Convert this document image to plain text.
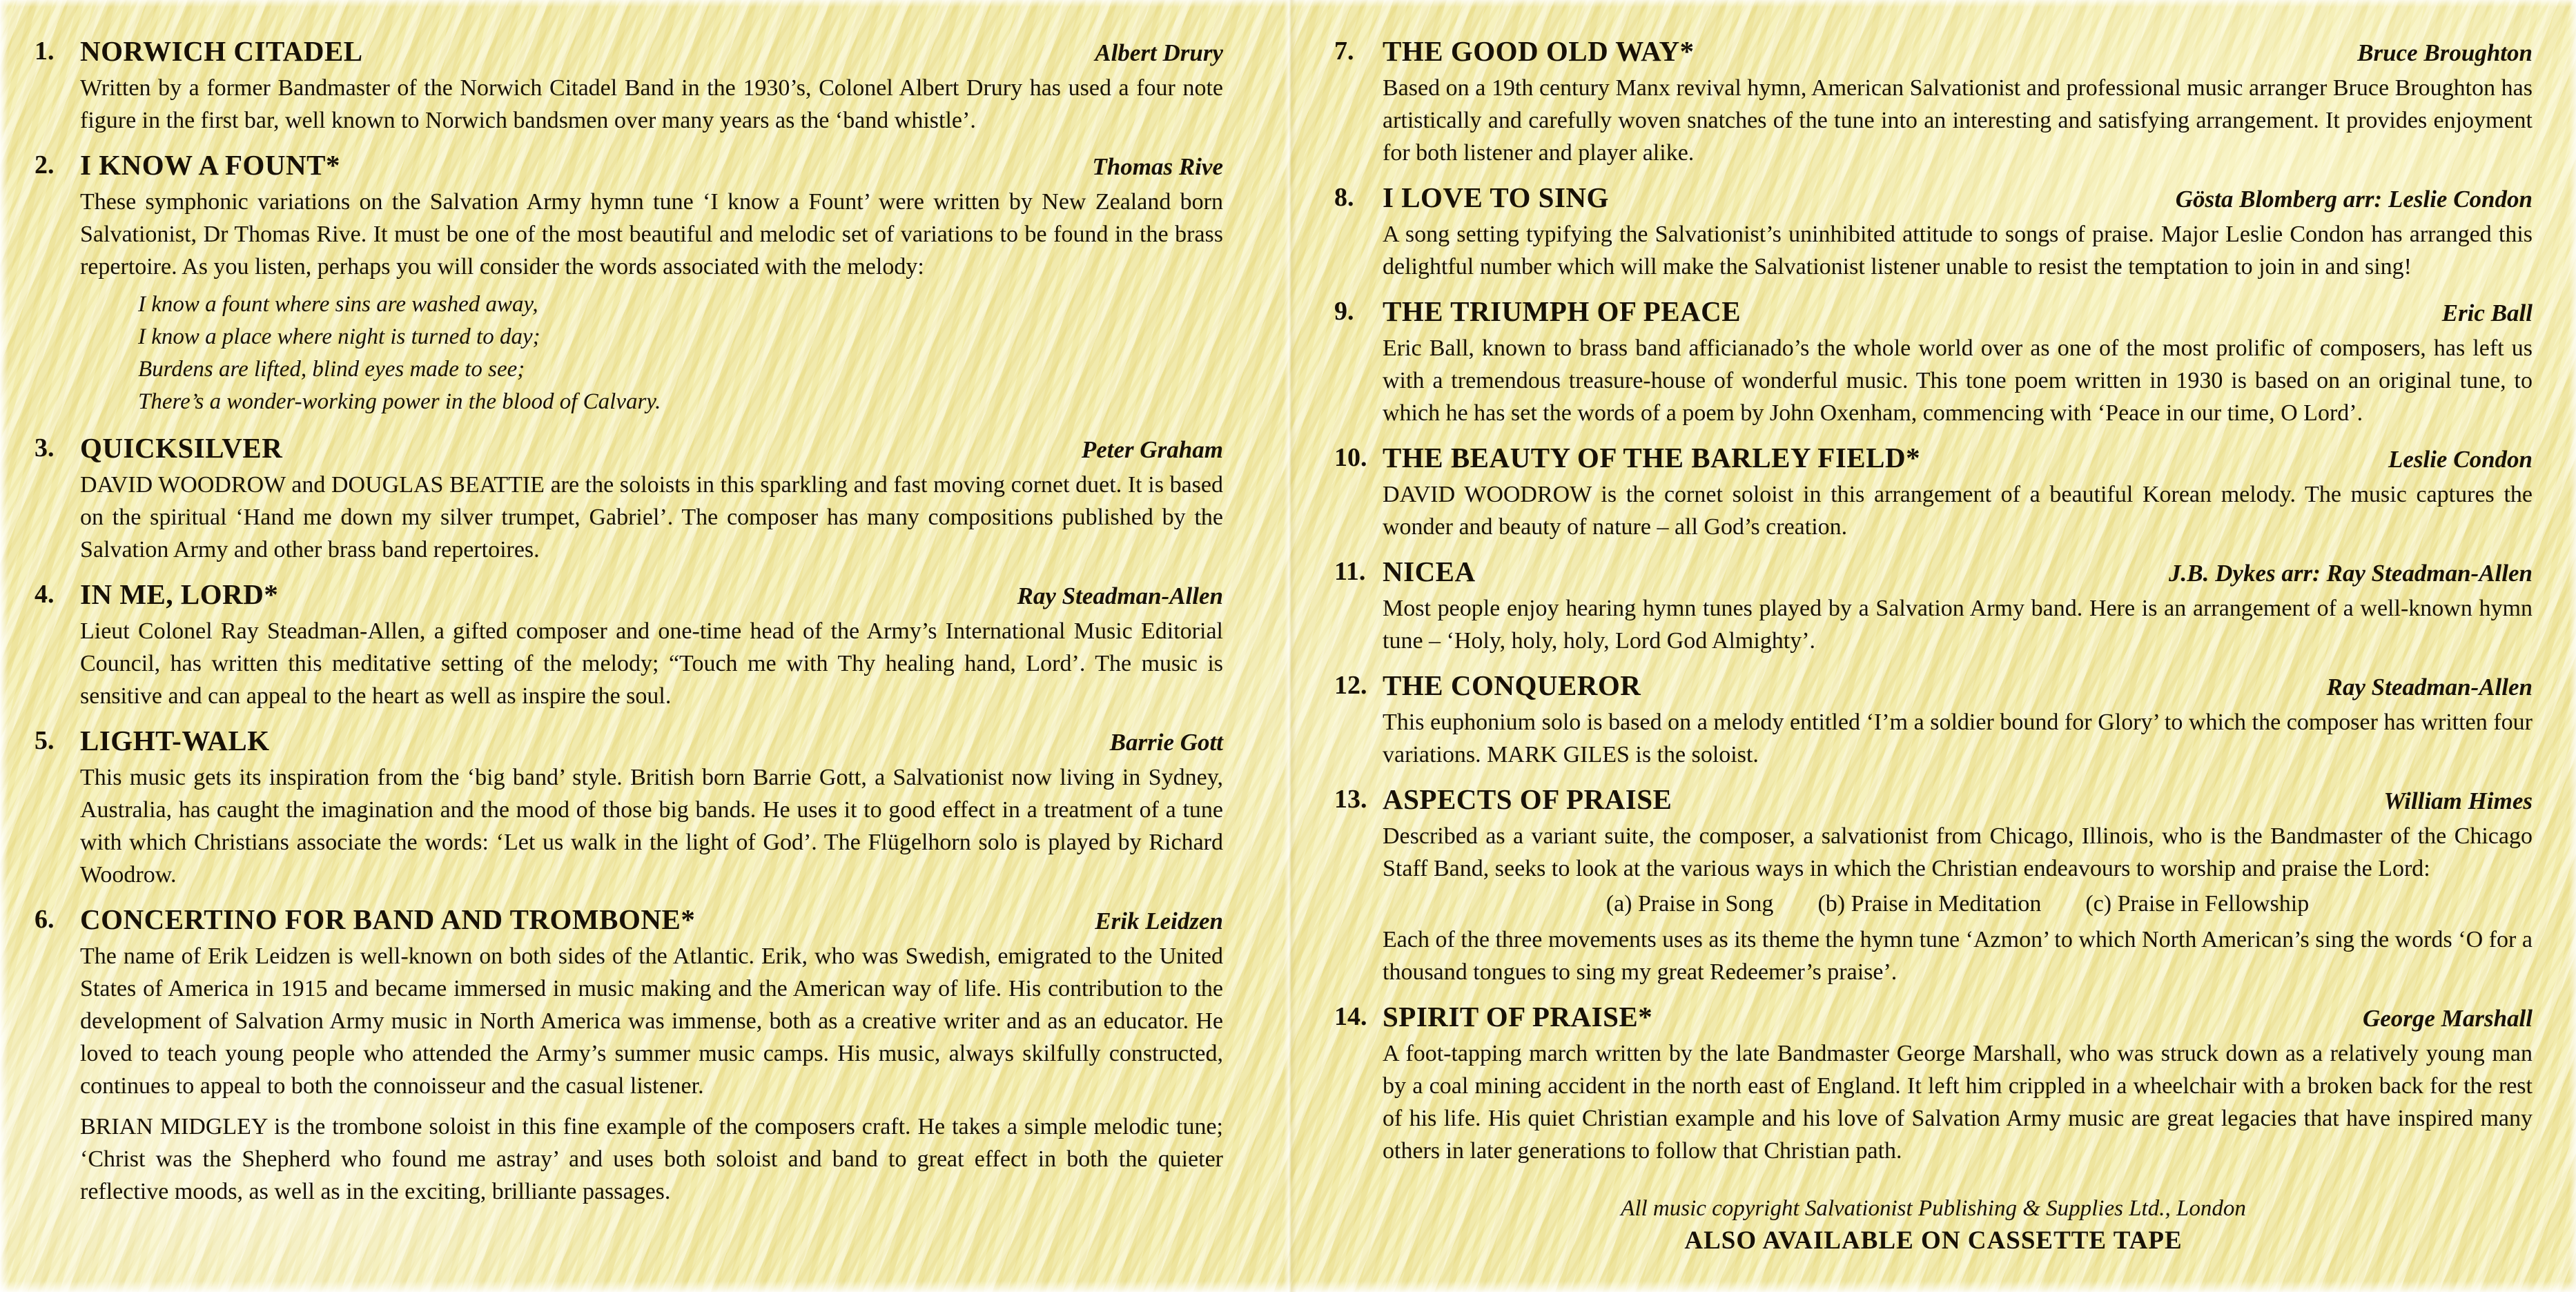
1. NORWICH CITADEL	Albert Drury

Written by a former Bandmaster of the Norwich Citadel Band in the 1930’s, Colonel Albert Drury has used a four note figure in the first bar, well known to Norwich bandsmen over many years as the ‘band whistle’.

2. I KNOW A FOUNT*	Thomas Rive

These symphonic variations on the Salvation Army hymn tune ‘I know a Fount’ were written by New Zealand born Salvationist, Dr Thomas Rive. It must be one of the most beautiful and melodic set of variations to be found in the brass repertoire. As you listen, perhaps you will consider the words associated with the melody:

I know a fount where sins are washed away,
I know a place where night is turned to day;
Burdens are lifted, blind eyes made to see;
There’s a wonder-working power in the blood of Calvary.
3. QUICKSILVER	Peter Graham

DAVID WOODROW and DOUGLAS BEATTIE are the soloists in this sparkling and fast moving cornet duet. It is based on the spiritual ‘Hand me down my silver trumpet, Gabriel’. The composer has many compositions published by the Salvation Army and other brass band repertoires.

4. IN ME, LORD*	Ray Steadman-Allen

Lieut Colonel Ray Steadman-Allen, a gifted composer and one-time head of the Army’s International Music Editorial Council, has written this meditative setting of the melody; “Touch me with Thy healing hand, Lord’. The music is sensitive and can appeal to the heart as well as inspire the soul.

5. LIGHT-WALK	Barrie Gott

This music gets its inspiration from the ‘big band’ style. British born Barrie Gott, a Salvationist now living in Sydney, Australia, has caught the imagination and the mood of those big bands. He uses it to good effect in a treatment of a tune with which Christians associate the words: ‘Let us walk in the light of God’. The Flügelhorn solo is played by Richard Woodrow.

6. CONCERTINO FOR BAND AND TROMBONE*	Erik Leidzen

The name of Erik Leidzen is well-known on both sides of the Atlantic. Erik, who was Swedish, emigrated to the United States of America in 1915 and became immersed in music making and the American way of life. His contribution to the development of Salvation Army music in North America was immense, both as a creative writer and as an educator. He loved to teach young people who attended the Army’s summer music camps. His music, always skilfully constructed, continues to appeal to both the connoisseur and the casual listener.

BRIAN MIDGLEY is the trombone soloist in this fine example of the composers craft. He takes a simple melodic tune; ‘Christ was the Shepherd who found me astray’ and uses both soloist and band to great effect in both the quieter reflective moods, as well as in the exciting, brilliante passages.

7.	THE GOOD OLD WAY*	Bruce Broughton

Based on a 19th century Manx revival hymn, American Salvationist and professional music arranger Bruce Broughton has artistically and carefully woven snatches of the tune into an interesting and satisfying arrangement. It provides enjoyment for both listener and player alike.

8.	I LOVE TO SING	Gösta Blomberg arr: Leslie Condon

A song setting typifying the Salvationist’s uninhibited attitude to songs of praise. Major Leslie Condon has arranged this delightful number which will make the Salvationist listener unable to resist the temptation to join in and sing!

9.	THE TRIUMPH OF PEACE	Eric Ball

Eric Ball, known to brass band afficianado’s the whole world over as one of the most prolific of composers, has left us with a tremendous treasure-house of wonderful music. This tone poem written in 1930 is based on an original tune, to which he has set the words of a poem by John Oxenham, commencing with ‘Peace in our time, O Lord’.

10. THE BEAUTY OF THE BARLEY FIELD*	Leslie Condon

DAVID WOODROW is the cornet soloist in this arrangement of a beautiful Korean melody. The music captures the wonder and beauty of nature – all God’s creation.

11. NICEA	J.B. Dykes arr: Ray Steadman-Allen

Most people enjoy hearing hymn tunes played by a Salvation Army band. Here is an arrangement of a well-known hymn tune – ‘Holy, holy, holy, Lord God Almighty’.

12. THE CONQUEROR	Ray Steadman-Allen

This euphonium solo is based on a melody entitled ‘I’m a soldier bound for Glory’ to which the composer has written four variations. MARK GILES is the soloist.

13. ASPECTS OF PRAISE	William Himes

Described as a variant suite, the composer, a salvationist from Chicago, Illinois, who is the Bandmaster of the Chicago Staff Band, seeks to look at the various ways in which the Christian endeavours to worship and praise the Lord:

(a) Praise in Song (b) Praise in Meditation (c) Praise in Fellowship

Each of the three movements uses as its theme the hymn tune ‘Azmon’ to which North American’s sing the words ‘O for a thousand tongues to sing my great Redeemer’s praise’.

14. SPIRIT OF PRAISE*	George Marshall

A foot-tapping march written by the late Bandmaster George Marshall, who was struck down as a relatively young man by a coal mining accident in the north east of England. It left him crippled in a wheelchair with a broken back for the rest of his life. His quiet Christian example and his love of Salvation Army music are great legacies that have inspired many others in later generations to follow that Christian path.

All music copyright Salvationist Publishing & Supplies Ltd., London
ALSO AVAILABLE ON CASSETTE TAPE
